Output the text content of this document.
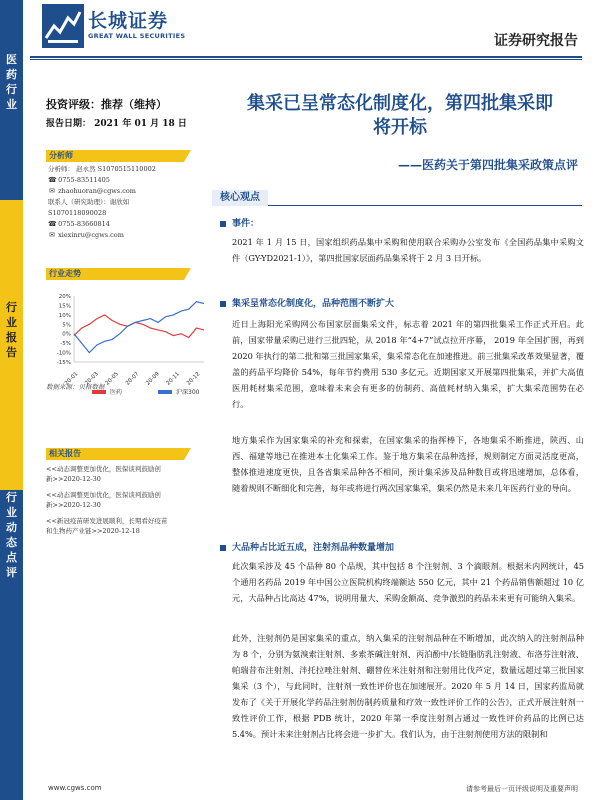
医
药
行
业
行
业
报
告
行
业
动
态
点
评
长城证券
GREAT WALL SECURITIES	证券研究报告
投资评级：推荐（维持）
报告日期： 2021 年 01 月 18 日
分析师
分析师： 赵永然 S1070515110002
☎ 0755-83511405
✉ zhaohuoran@cgws.com
联系人（研究助理）：谢欣如
S1070118090028
☎ 0755-83660814
✉ xiexinru@cgws.com
行业走势
20%
15%
10%
5%
0%
-5%
-10%
-15%
20-01 20-03 20-05 20-07 20-09 20-11 20-12
医药	沪深300
数据来源：贝格数据
相关报告
<<动态调整更加优化，医保谈判鼓励创
新>>2020-12-30
<<动态调整更加优化，医保谈判鼓励创
新>>2020-12-30
<<新冠疫苗研发进展顺利，长期看好疫苗
和生物药产业链>>2020-12-18
集采已呈常态化制度化，第四批集采即
将开标
——医药关于第四批集采政策点评
核心观点
事件：
2021 年 1 月 15 日，国家组织药品集中采购和使用联合采购办公室发布《全国药品集中采购文件（GY-YD2021-1）》，第四批国家层面药品集采将于 2 月 3 日开标。
集采呈常态化制度化，品种范围不断扩大
近日上海阳光采购网公布国家层面集采文件，标志着 2021 年的第四批集采工作正式开启。此前，国家带量采购已进行三批四轮，从 2018 年“4+7”试点拉开序幕， 2019 年全国扩围，再到 2020 年执行的第二批和第三批国家集采，集采常态化在加速推进。前三批集采改革效果显著，覆盖的药品平均降价 54%，每年节约费用 530 多亿元。近期国家又开展第四批集采，并扩大高值医用耗材集采范围，意味着未来会有更多的仿制药、高值耗材纳入集采，扩大集采范围势在必行。
地方集采作为国家集采的补充和探索，在国家集采的指挥棒下，各地集采不断推进，陕西、山西、福建等地已在推进本土化集采工作。鉴于地方集采在品种选择，规则制定方面灵活度更高，整体推进速度更快，且各省集采品种各不相同，预计集采涉及品种数目或将迅速增加，总体看，随着规则不断细化和完善，每年或将进行两次国家集采，集采仍然是未来几年医药行业的导向。
大品种占比近五成，注射剂品种数量增加
此次集采涉及 45 个品种 80 个品规，其中包括 8 个注射剂、3 个滴眼剂。根据米内网统计，45 个通用名药品 2019 年中国公立医院机构终端额达 550 亿元，其中 21 个药品销售额超过 10 亿元，大品种占比高达 47%，说明用量大、采购金额高、竞争激烈的药品未来更有可能纳入集采。
此外，注射剂仍是国家集采的重点，纳入集采的注射剂品种在不断增加，此次纳入的注射剂品种为 8 个，分别为氨溴索注射剂、多索茶碱注射剂、丙泊酚中/长链脂肪乳注射液、布洛芬注射液、帕瑞昔布注射剂、泮托拉唑注射剂、硼替佐米注射剂和注射用比伐芦定，数量远超过第三批国家集采（3 个），与此同时，注射剂一致性评价也在加速展开。2020 年 5 月 14 日，国家药监局就发布了《关于开展化学药品注射剂仿制药质量和疗效一致性评价工作的公告》，正式开展注射剂一致性评价工作，根据 PDB 统计，2020 年第一季度注射剂占通过一致性评价药品的比例已达 5.4%。预计未来注射剂占比将会进一步扩大。我们认为，由于注射剂使用方法的限制和
www.cgws.com	请参考最后一页评级说明及重要声明
